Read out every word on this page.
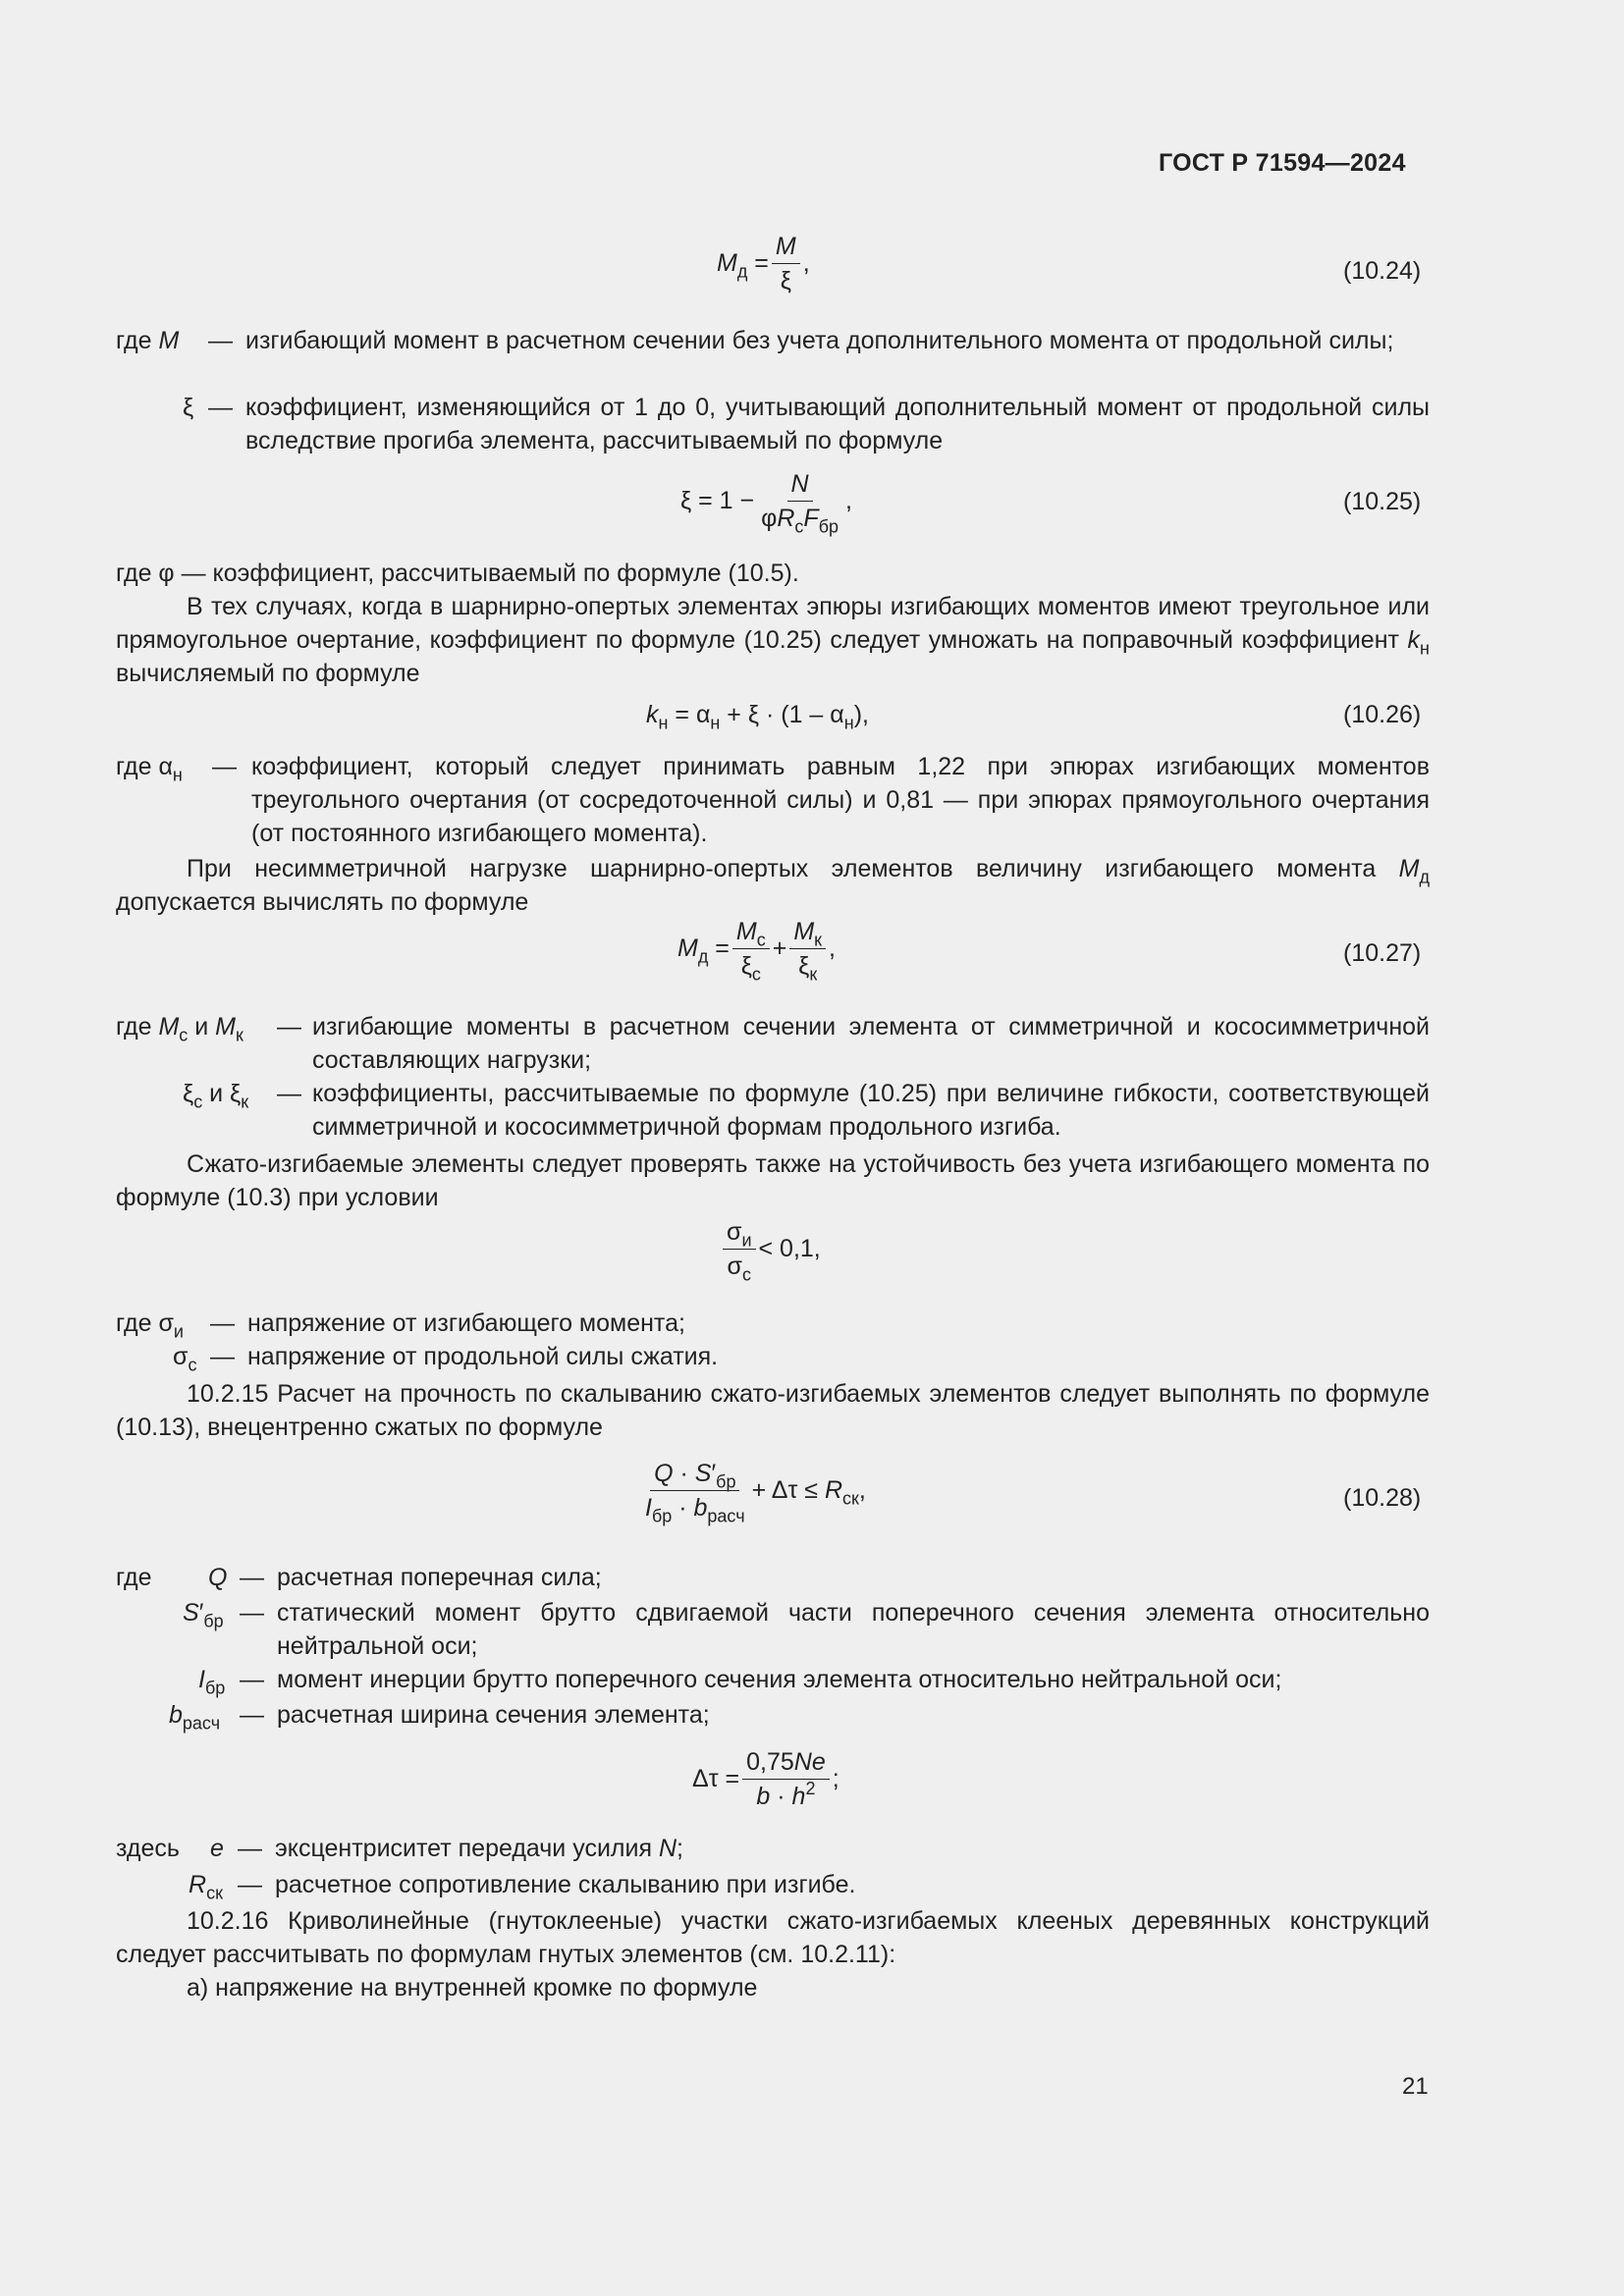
ГОСТ Р 71594—2024
$M_д = \frac{M}{\xi}$ ,	(10.24)
где M — изгибающий момент в расчетном сечении без учета дополнительного момента от продольной силы;
ξ — коэффициент, изменяющийся от 1 до 0, учитывающий дополнительный момент от продольной силы вследствие прогиба элемента, рассчитываемый по формуле
$\xi = 1 - \frac{N}{\varphi R_cF_{бр}}$ ,	(10.25)
где φ — коэффициент, рассчитываемый по формуле (10.5).
В тех случаях, когда в шарнирно-опертых элементах эпюры изгибающих моментов имеют треугольное или прямоугольное очертание, коэффициент по формуле (10.25) следует умножать на поправочный коэффициент $k_н$ вычисляемый по формуле
$k_н = \alpha_н + \xi \cdot (1 - \alpha_н)$,	(10.26)
где $\alpha_н$ — коэффициент, который следует принимать равным 1,22 при эпюрах изгибающих моментов треугольного очертания (от сосредоточенной силы) и 0,81 — при эпюрах прямоугольного очертания (от постоянного изгибающего момента).
При несимметричной нагрузке шарнирно-опертых элементов величину изгибающего момента $M_д$ допускается вычислять по формуле
$M_д = \frac{M_c}{\xi_c} + \frac{M_к}{\xi_к}$ ,	(10.27)
где $M_c$ и $M_к$ — изгибающие моменты в расчетном сечении элемента от симметричной и кососимметричной составляющих нагрузки;
$\xi_c$ и $\xi_к$ — коэффициенты, рассчитываемые по формуле (10.25) при величине гибкости, соответствующей симметричной и кососимметричной формам продольного изгиба.
Сжато-изгибаемые элементы следует проверять также на устойчивость без учета изгибающего момента по формуле (10.3) при условии
$\frac{\sigma_и}{\sigma_с} < 0,1$,
где $\sigma_и$ — напряжение от изгибающего момента;
$\sigma_с$ — напряжение от продольной силы сжатия.
10.2.15 Расчет на прочность по скалыванию сжато-изгибаемых элементов следует выполнять по формуле (10.13), внецентренно сжатых по формуле
$\frac{Q \cdot S'_{бр}}{I_{бр} \cdot b_{расч}} + \Delta\tau \le R_{ск}$,	(10.28)
где Q — расчетная поперечная сила;
$S'_{бр}$ — статический момент брутто сдвигаемой части поперечного сечения элемента относительно нейтральной оси;
$I_{бр}$ — момент инерции брутто поперечного сечения элемента относительно нейтральной оси;
$b_{расч}$ — расчетная ширина сечения элемента;
$\Delta\tau = \frac{0,75Ne}{b \cdot h^2}$ ;
здесь e — эксцентриситет передачи усилия N;
$R_{ск}$ — расчетное сопротивление скалыванию при изгибе.
10.2.16 Криволинейные (гнутоклееные) участки сжато-изгибаемых клееных деревянных конструкций следует рассчитывать по формулам гнутых элементов (см. 10.2.11):
а) напряжение на внутренней кромке по формуле
21
